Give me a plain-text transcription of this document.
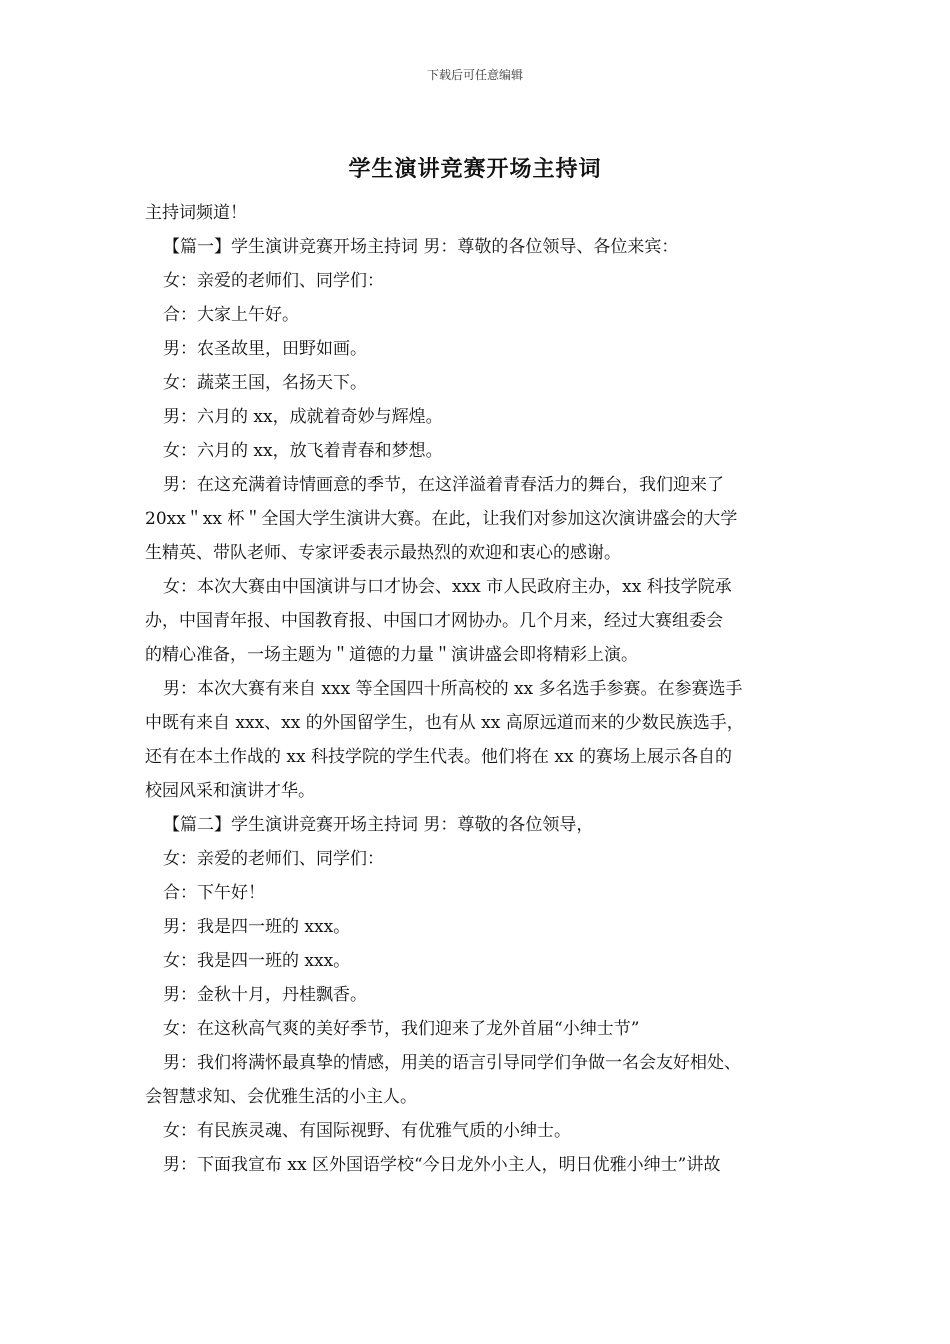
下载后可任意编辑
学生演讲竞赛开场主持词

主持词频道！

【篇一】学生演讲竞赛开场主持词 男：尊敬的各位领导、各位来宾：

女：亲爱的老师们、同学们：

合：大家上午好。

男：农圣故里，田野如画。

女：蔬菜王国，名扬天下。

男：六月的 xx，成就着奇妙与辉煌。

女：六月的 xx，放飞着青春和梦想。

男：在这充满着诗情画意的季节，在这洋溢着青春活力的舞台，我们迎来了

20xx＂xx 杯＂全国大学生演讲大赛。在此，让我们对参加这次演讲盛会的大学

生精英、带队老师、专家评委表示最热烈的欢迎和衷心的感谢。

女：本次大赛由中国演讲与口才协会、xxx 市人民政府主办，xx 科技学院承

办，中国青年报、中国教育报、中国口才网协办。几个月来，经过大赛组委会

的精心准备，一场主题为＂道德的力量＂演讲盛会即将精彩上演。

男：本次大赛有来自 xxx 等全国四十所高校的 xx 多名选手参赛。在参赛选手

中既有来自 xxx、xx 的外国留学生，也有从 xx 高原远道而来的少数民族选手，

还有在本土作战的 xx 科技学院的学生代表。他们将在 xx 的赛场上展示各自的

校园风采和演讲才华。

【篇二】学生演讲竞赛开场主持词 男：尊敬的各位领导，

女：亲爱的老师们、同学们：

合：下午好！

男：我是四一班的 xxx。

女：我是四一班的 xxx。

男：金秋十月，丹桂飘香。

女：在这秋高气爽的美好季节，我们迎来了龙外首届“小绅士节”

男：我们将满怀最真挚的情感，用美的语言引导同学们争做一名会友好相处、

会智慧求知、会优雅生活的小主人。

女：有民族灵魂、有国际视野、有优雅气质的小绅士。

男：下面我宣布 xx 区外国语学校“今日龙外小主人，明日优雅小绅士”讲故
